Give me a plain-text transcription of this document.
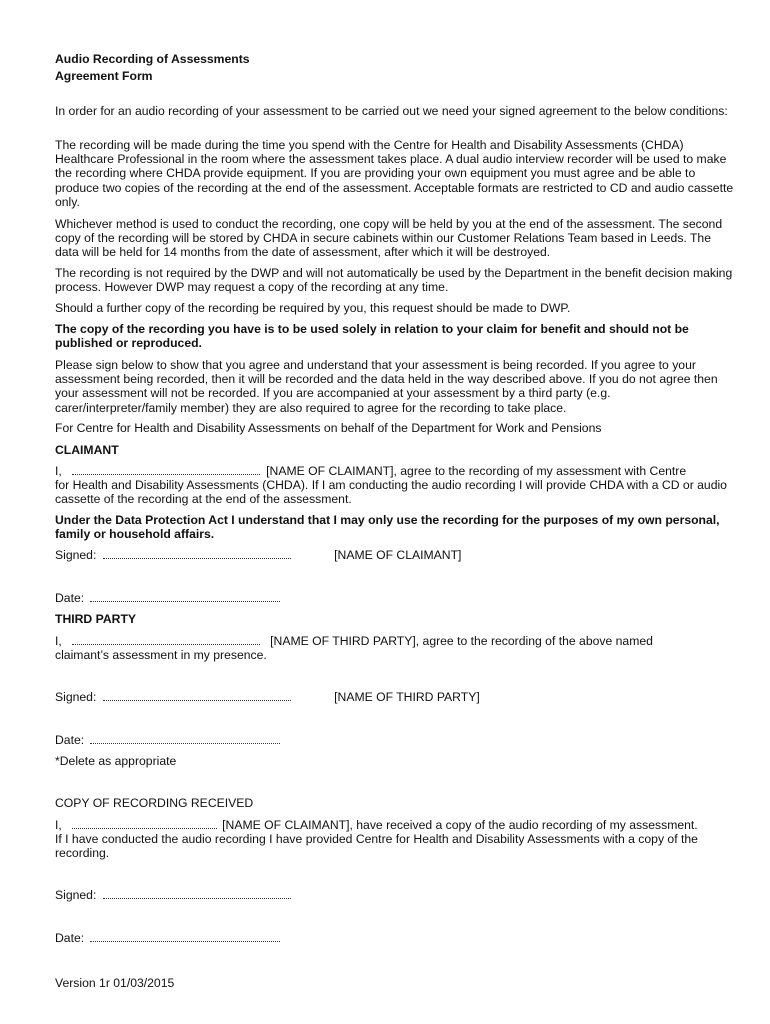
Audio Recording of Assessments
Agreement Form

In order for an audio recording of your assessment to be carried out we need your signed agreement to the below conditions:

The recording will be made during the time you spend with the Centre for Health and Disability Assessments (CHDA) Healthcare Professional in the room where the assessment takes place. A dual audio interview recorder will be used to make the recording where CHDA provide equipment. If you are providing your own equipment you must agree and be able to produce two copies of the recording at the end of the assessment. Acceptable formats are restricted to CD and audio cassette only.

Whichever method is used to conduct the recording, one copy will be held by you at the end of the assessment. The second copy of the recording will be stored by CHDA in secure cabinets within our Customer Relations Team based in Leeds. The data will be held for 14 months from the date of assessment, after which it will be destroyed.

The recording is not required by the DWP and will not automatically be used by the Department in the benefit decision making process. However DWP may request a copy of the recording at any time.

Should a further copy of the recording be required by you, this request should be made to DWP.

The copy of the recording you have is to be used solely in relation to your claim for benefit and should not be published or reproduced.

Please sign below to show that you agree and understand that your assessment is being recorded. If you agree to your assessment being recorded, then it will be recorded and the data held in the way described above. If you do not agree then your assessment will not be recorded. If you are accompanied at your assessment by a third party (e.g. carer/interpreter/family member) they are also required to agree for the recording to take place.

For Centre for Health and Disability Assessments on behalf of the Department for Work and Pensions

CLAIMANT
I,	[NAME OF CLAIMANT], agree to the recording of my assessment with Centre

for Health and Disability Assessments (CHDA). If I am conducting the audio recording I will provide CHDA with a CD or audio cassette of the recording at the end of the assessment.

Under the Data Protection Act I understand that I may only use the recording for the purposes of my own personal, family or household affairs.

Signed:	[NAME OF CLAIMANT]
Date:
THIRD PARTY
I,	[NAME OF THIRD PARTY], agree to the recording of the above named

claimant’s assessment in my presence.

Signed:	[NAME OF THIRD PARTY]
Date:
*Delete as appropriate
COPY OF RECORDING RECEIVED
I,	[NAME OF CLAIMANT], have received a copy of the audio recording of my assessment.

If I have conducted the audio recording I have provided Centre for Health and Disability Assessments with a copy of the recording.

Signed:
Date:
Version 1r 01/03/2015
